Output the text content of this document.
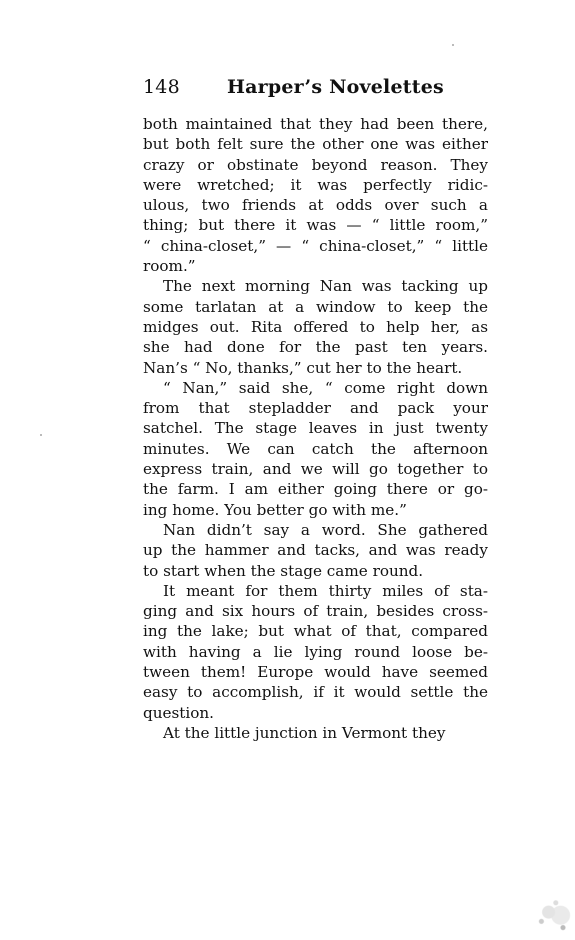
148 Harper’s Novelettes
both maintained that they had been there,
but both felt sure the other one was either
crazy or obstinate beyond reason. They
were wretched; it was perfectly ridic-
ulous, two friends at odds over such a
thing; but there it was — “ little room,”
“ china-closet,” — “ china-closet,” “ little
room.”
The next morning Nan was tacking up
some tarlatan at a window to keep the
midges out. Rita offered to help her, as
she had done for the past ten years.
Nan’s “ No, thanks,” cut her to the heart.
“ Nan,” said she, “ come right down
from that stepladder and pack your
satchel. The stage leaves in just twenty
minutes. We can catch the afternoon
express train, and we will go together to
the farm. I am either going there or go-
ing home. You better go with me.”
Nan didn’t say a word. She gathered
up the hammer and tacks, and was ready
to start when the stage came round.
It meant for them thirty miles of sta-
ging and six hours of train, besides cross-
ing the lake; but what of that, compared
with having a lie lying round loose be-
tween them! Europe would have seemed
easy to accomplish, if it would settle the
question.
At the little junction in Vermont they
